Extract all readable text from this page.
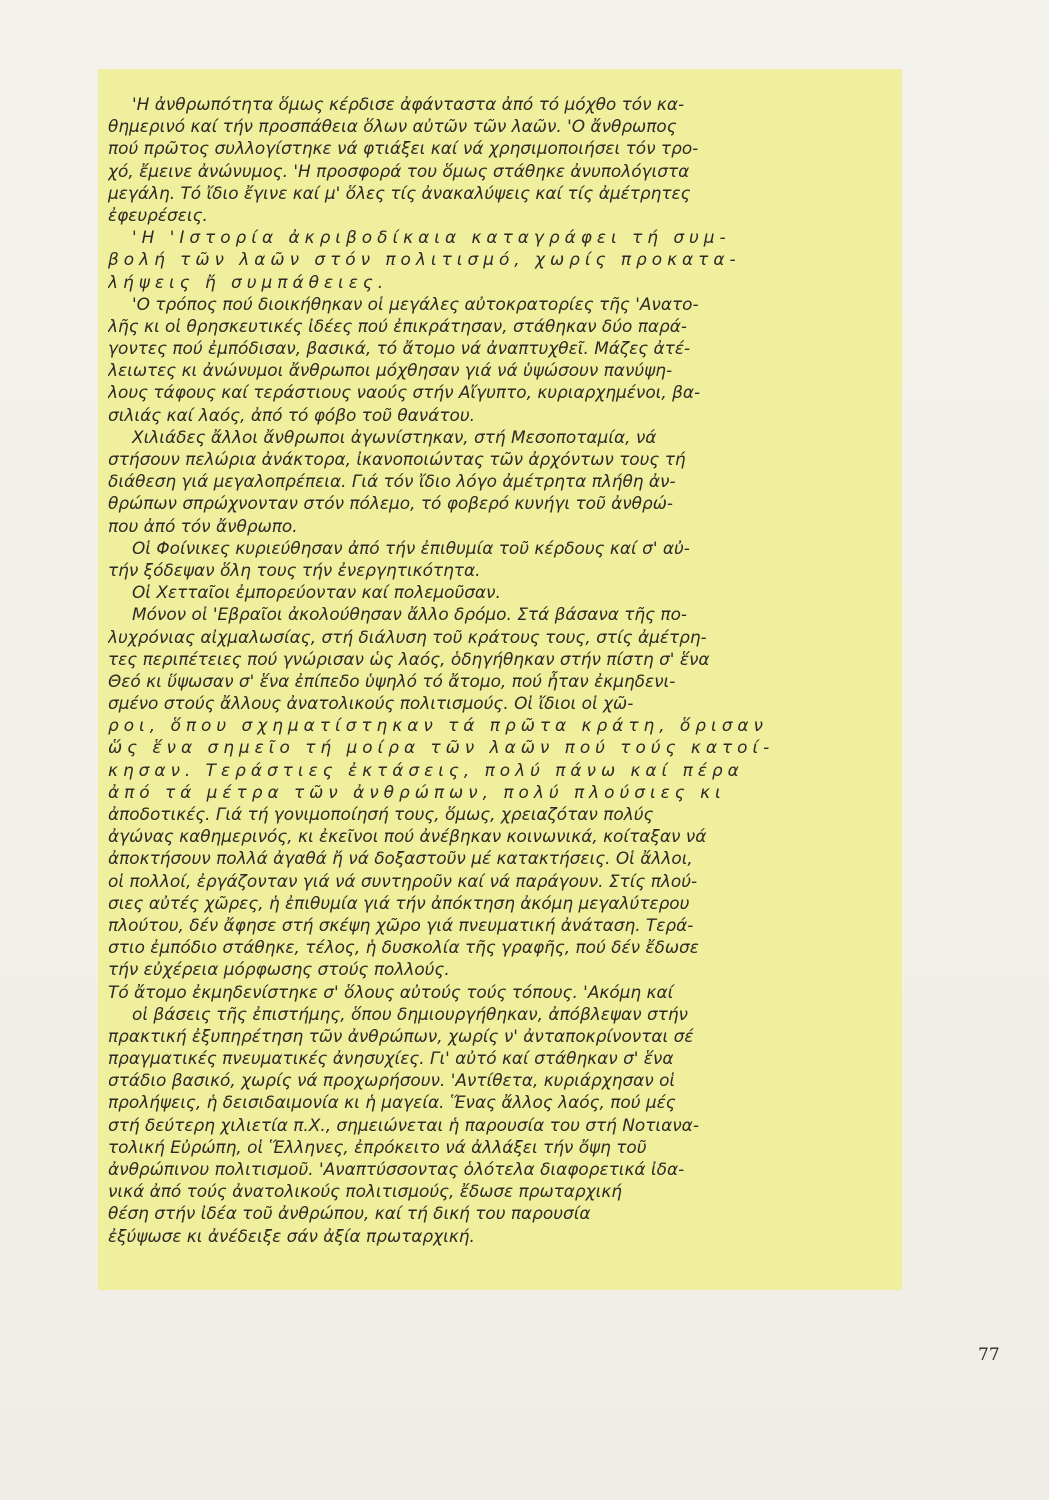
'Η ἀνθρωπότητα ὅμως κέρδισε ἀφάνταστα ἀπό τό μόχθο τόν κα-
θημερινό καί τήν προσπάθεια ὅλων αὐτῶν τῶν λαῶν. 'Ο ἄνθρωπος
πού πρῶτος συλλογίστηκε νά φτιάξει καί νά χρησιμοποιήσει τόν τρο-
χό, ἔμεινε ἀνώνυμος. 'Η προσφορά του ὅμως στάθηκε ἀνυπολόγιστα
μεγάλη. Τό ἴδιο ἔγινε καί μ' ὅλες τίς ἀνακαλύψεις καί τίς ἀμέτρητες
ἐφευρέσεις.
'Η 'Ιστορία ἀκριβοδίκαια καταγράφει τή συμ-
βολή τῶν λαῶν στόν πολιτισμό, χωρίς προκατα-
λήψεις ἤ συμπάθειες.
'Ο τρόπος πού διοικήθηκαν οἱ μεγάλες αὐτοκρατορίες τῆς 'Ανατο-
λῆς κι οἱ θρησκευτικές ἰδέες πού ἐπικράτησαν, στάθηκαν δύο παρά-
γοντες πού ἐμπόδισαν, βασικά, τό ἄτομο νά ἀναπτυχθεῖ. Μάζες ἀτέ-
λειωτες κι ἀνώνυμοι ἄνθρωποι μόχθησαν γιά νά ὑψώσουν πανύψη-
λους τάφους καί τεράστιους ναούς στήν Αἴγυπτο, κυριαρχημένοι, βα-
σιλιάς καί λαός, ἀπό τό φόβο τοῦ θανάτου.
Χιλιάδες ἄλλοι ἄνθρωποι ἀγωνίστηκαν, στή Μεσοποταμία, νά
στήσουν πελώρια ἀνάκτορα, ἰκανοποιώντας τῶν ἀρχόντων τους τή
διάθεση γιά μεγαλοπρέπεια. Γιά τόν ἴδιο λόγο ἀμέτρητα πλήθη ἀν-
θρώπων σπρώχνονταν στόν πόλεμο, τό φοβερό κυνήγι τοῦ ἀνθρώ-
που ἀπό τόν ἄνθρωπο.
Οἱ Φοίνικες κυριεύθησαν ἀπό τήν ἐπιθυμία τοῦ κέρδους καί σ' αὐ-
τήν ξόδεψαν ὅλη τους τήν ἐνεργητικότητα.
Οἱ Χετταῖοι ἐμπορεύονταν καί πολεμοῦσαν.
Μόνον οἱ 'Εβραῖοι ἀκολούθησαν ἄλλο δρόμο. Στά βάσανα τῆς πο-
λυχρόνιας αἰχμαλωσίας, στή διάλυση τοῦ κράτους τους, στίς ἀμέτρη-
τες περιπέτειες πού γνώρισαν ὡς λαός, ὁδηγήθηκαν στήν πίστη σ' ἕνα
Θεό κι ὕψωσαν σ' ἕνα ἐπίπεδο ὑψηλό τό ἄτομο, πού ἦταν ἐκμηδενι-
σμένο στούς ἄλλους ἀνατολικούς πολιτισμούς. Οἱ ἴδιοι οἱ χῶ-
ροι, ὅπου σχηματίστηκαν τά πρῶτα κράτη, ὅρισαν
ὥς ἕνα σημεῖο τή μοίρα τῶν λαῶν πού τούς κατοί-
κησαν. Τεράστιες ἐκτάσεις, πολύ πάνω καί πέρα
ἀπό τά μέτρα τῶν ἀνθρώπων, πολύ πλούσιες κι
ἀποδοτικές. Γιά τή γονιμοποίησή τους, ὅμως, χρειαζόταν πολύς
ἀγώνας καθημερινός, κι ἐκεῖνοι πού ἀνέβηκαν κοινωνικά, κοίταξαν νά
ἀποκτήσουν πολλά ἀγαθά ἤ νά δοξαστοῦν μέ κατακτήσεις. Οἱ ἄλλοι,
οἱ πολλοί, ἐργάζονταν γιά νά συντηροῦν καί νά παράγουν. Στίς πλού-
σιες αὐτές χῶρες, ἡ ἐπιθυμία γιά τήν ἀπόκτηση ἀκόμη μεγαλύτερου
πλούτου, δέν ἄφησε στή σκέψη χῶρο γιά πνευματική ἀνάταση. Τερά-
στιο ἐμπόδιο στάθηκε, τέλος, ἡ δυσκολία τῆς γραφῆς, πού δέν ἔδωσε
τήν εὐχέρεια μόρφωσης στούς πολλούς.
Τό ἄτομο ἐκμηδενίστηκε σ' ὅλους αὐτούς τούς τόπους. 'Ακόμη καί
οἱ βάσεις τῆς ἐπιστήμης, ὅπου δημιουργήθηκαν, ἀπόβλεψαν στήν
πρακτική ἐξυπηρέτηση τῶν ἀνθρώπων, χωρίς ν' ἀνταποκρίνονται σέ
πραγματικές πνευματικές ἀνησυχίες. Γι' αὐτό καί στάθηκαν σ' ἕνα
στάδιο βασικό, χωρίς νά προχωρήσουν. 'Αντίθετα, κυριάρχησαν οἱ
προλήψεις, ἡ δεισιδαιμονία κι ἡ μαγεία. Ἕνας ἄλλος λαός, πού μές
στή δεύτερη χιλιετία π.Χ., σημειώνεται ἡ παρουσία του στή Νοτιανα-
τολική Εὐρώπη, οἱ Ἕλληνες, ἐπρόκειτο νά ἀλλάξει τήν ὄψη τοῦ
ἀνθρώπινου πολιτισμοῦ. 'Αναπτύσσοντας ὁλότελα διαφορετικά ἰδα-
νικά ἀπό τούς ἀνατολικούς πολιτισμούς, ἔδωσε πρωταρχική
θέση στήν ἰδέα τοῦ ἀνθρώπου, καί τή δική του παρουσία
ἐξύψωσε κι ἀνέδειξε σάν ἀξία πρωταρχική.
77
